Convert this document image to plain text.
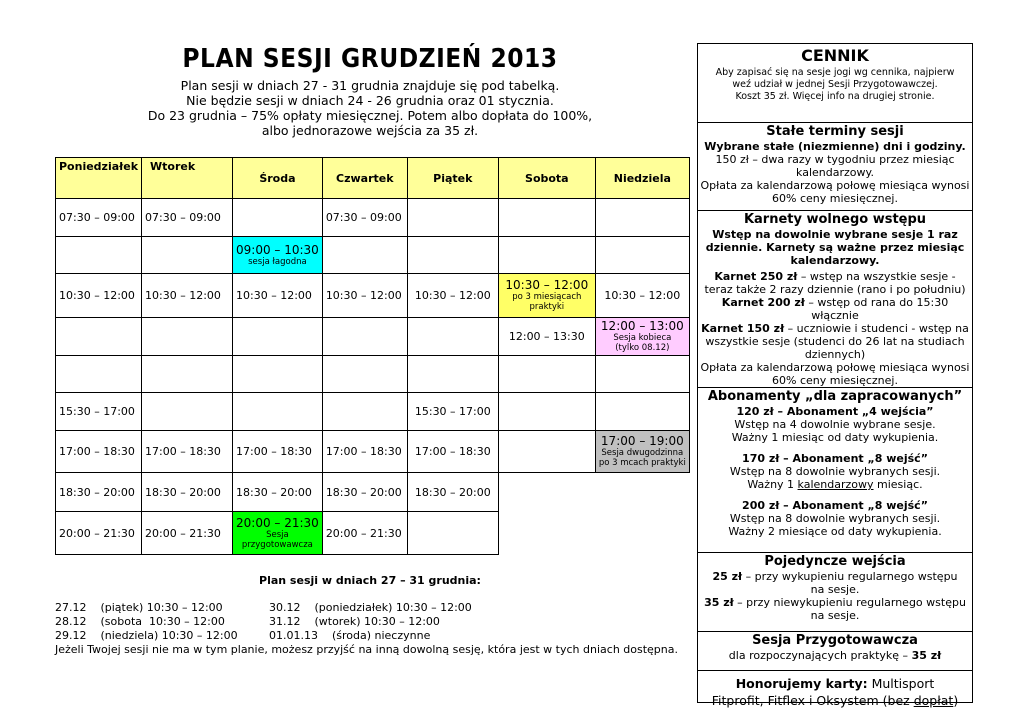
PLAN SESJI GRUDZIEŃ 2013
Plan sesji w dniach 27 - 31 grudnia znajduje się pod tabelką.
Nie będzie sesji w dniach 24 - 26 grudnia oraz 01 stycznia.
Do 23 grudnia – 75% opłaty miesięcznej. Potem albo dopłata do 100%,
albo jednorazowe wejścia za 35 zł.
Poniedziałek	Wtorek	Środa	Czwartek	Piątek	Sobota	Niedziela
07:30 – 09:00	07:30 – 09:00		07:30 – 09:00			
		09:00 – 10:30
sesja łagodna				

10:30 – 12:00	10:30 – 12:00	10:30 – 12:00	10:30 – 12:00	10:30 – 12:00	10:30 – 12:00
po 3 miesiącach
praktyki	10:30 – 12:00
					12:00 – 13:30	12:00 – 13:00
Sesja kobieca
(tylko 08.12)

15:30 – 17:00				15:30 – 17:00		
17:00 – 18:30	17:00 – 18:30	17:00 – 18:30	17:00 – 18:30	17:00 – 18:30		17:00 – 19:00
Sesja dwugodzinna
po 3 mcach praktyki

18:30 – 20:00	18:30 – 20:00	18:30 – 20:00	18:30 – 20:00	18:30 – 20:00		
20:00 – 21:30	20:00 – 21:30	20:00 – 21:30
Sesja
przygotowawcza	20:00 – 21:30			
Plan sesji w dniach 27 – 31 grudnia:
27.12    (piątek) 10:30 – 12:00	30.12    (poniedziałek) 10:30 – 12:00
28.12    (sobota  10:30 – 12:00	31.12    (wtorek) 10:30 – 12:00
29.12    (niedziela) 10:30 – 12:00	01.01.13    (środa) nieczynne
Jeżeli Twojej sesji nie ma w tym planie, możesz przyjść na inną dowolną sesję, która jest w tych dniach dostępna.
CENNIK
Aby zapisać się na sesje jogi wg cennika, najpierw
weź udział w jednej Sesji Przygotowawczej.
Koszt 35 zł. Więcej info na drugiej stronie.
Stałe terminy sesji
Wybrane stałe (niezmienne) dni i godziny.
150 zł – dwa razy w tygodniu przez miesiąc
kalendarzowy.
Opłata za kalendarzową połowę miesiąca wynosi
60% ceny miesięcznej.
Karnety wolnego wstępu
Wstęp na dowolnie wybrane sesje 1 raz
dziennie. Karnety są ważne przez miesiąc
kalendarzowy.
Karnet 250 zł – wstęp na wszystkie sesje -
teraz także 2 razy dziennie (rano i po południu)
Karnet 200 zł – wstęp od rana do 15:30 włącznie
Karnet 150 zł – uczniowie i studenci - wstęp na
wszystkie sesje (studenci do 26 lat na studiach
dziennych)
Opłata za kalendarzową połowę miesiąca wynosi
60% ceny miesięcznej.
Abonamenty „dla zapracowanych”
120 zł – Abonament „4 wejścia”
Wstęp na 4 dowolnie wybrane sesje.
Ważny 1 miesiąc od daty wykupienia.
170 zł – Abonament „8 wejść”
Wstęp na 8 dowolnie wybranych sesji.
Ważny 1 kalendarzowy miesiąc.
200 zł – Abonament „8 wejść”
Wstęp na 8 dowolnie wybranych sesji.
Ważny 2 miesiące od daty wykupienia.
Pojedyncze wejścia
25 zł – przy wykupieniu regularnego wstępu
na sesje.
35 zł – przy niewykupieniu regularnego wstępu
na sesje.
Sesja Przygotowawcza
dla rozpoczynających praktykę – 35 zł
Honorujemy karty: Multisport
Fitprofit, Fitflex i Oksystem (bez dopłat)
